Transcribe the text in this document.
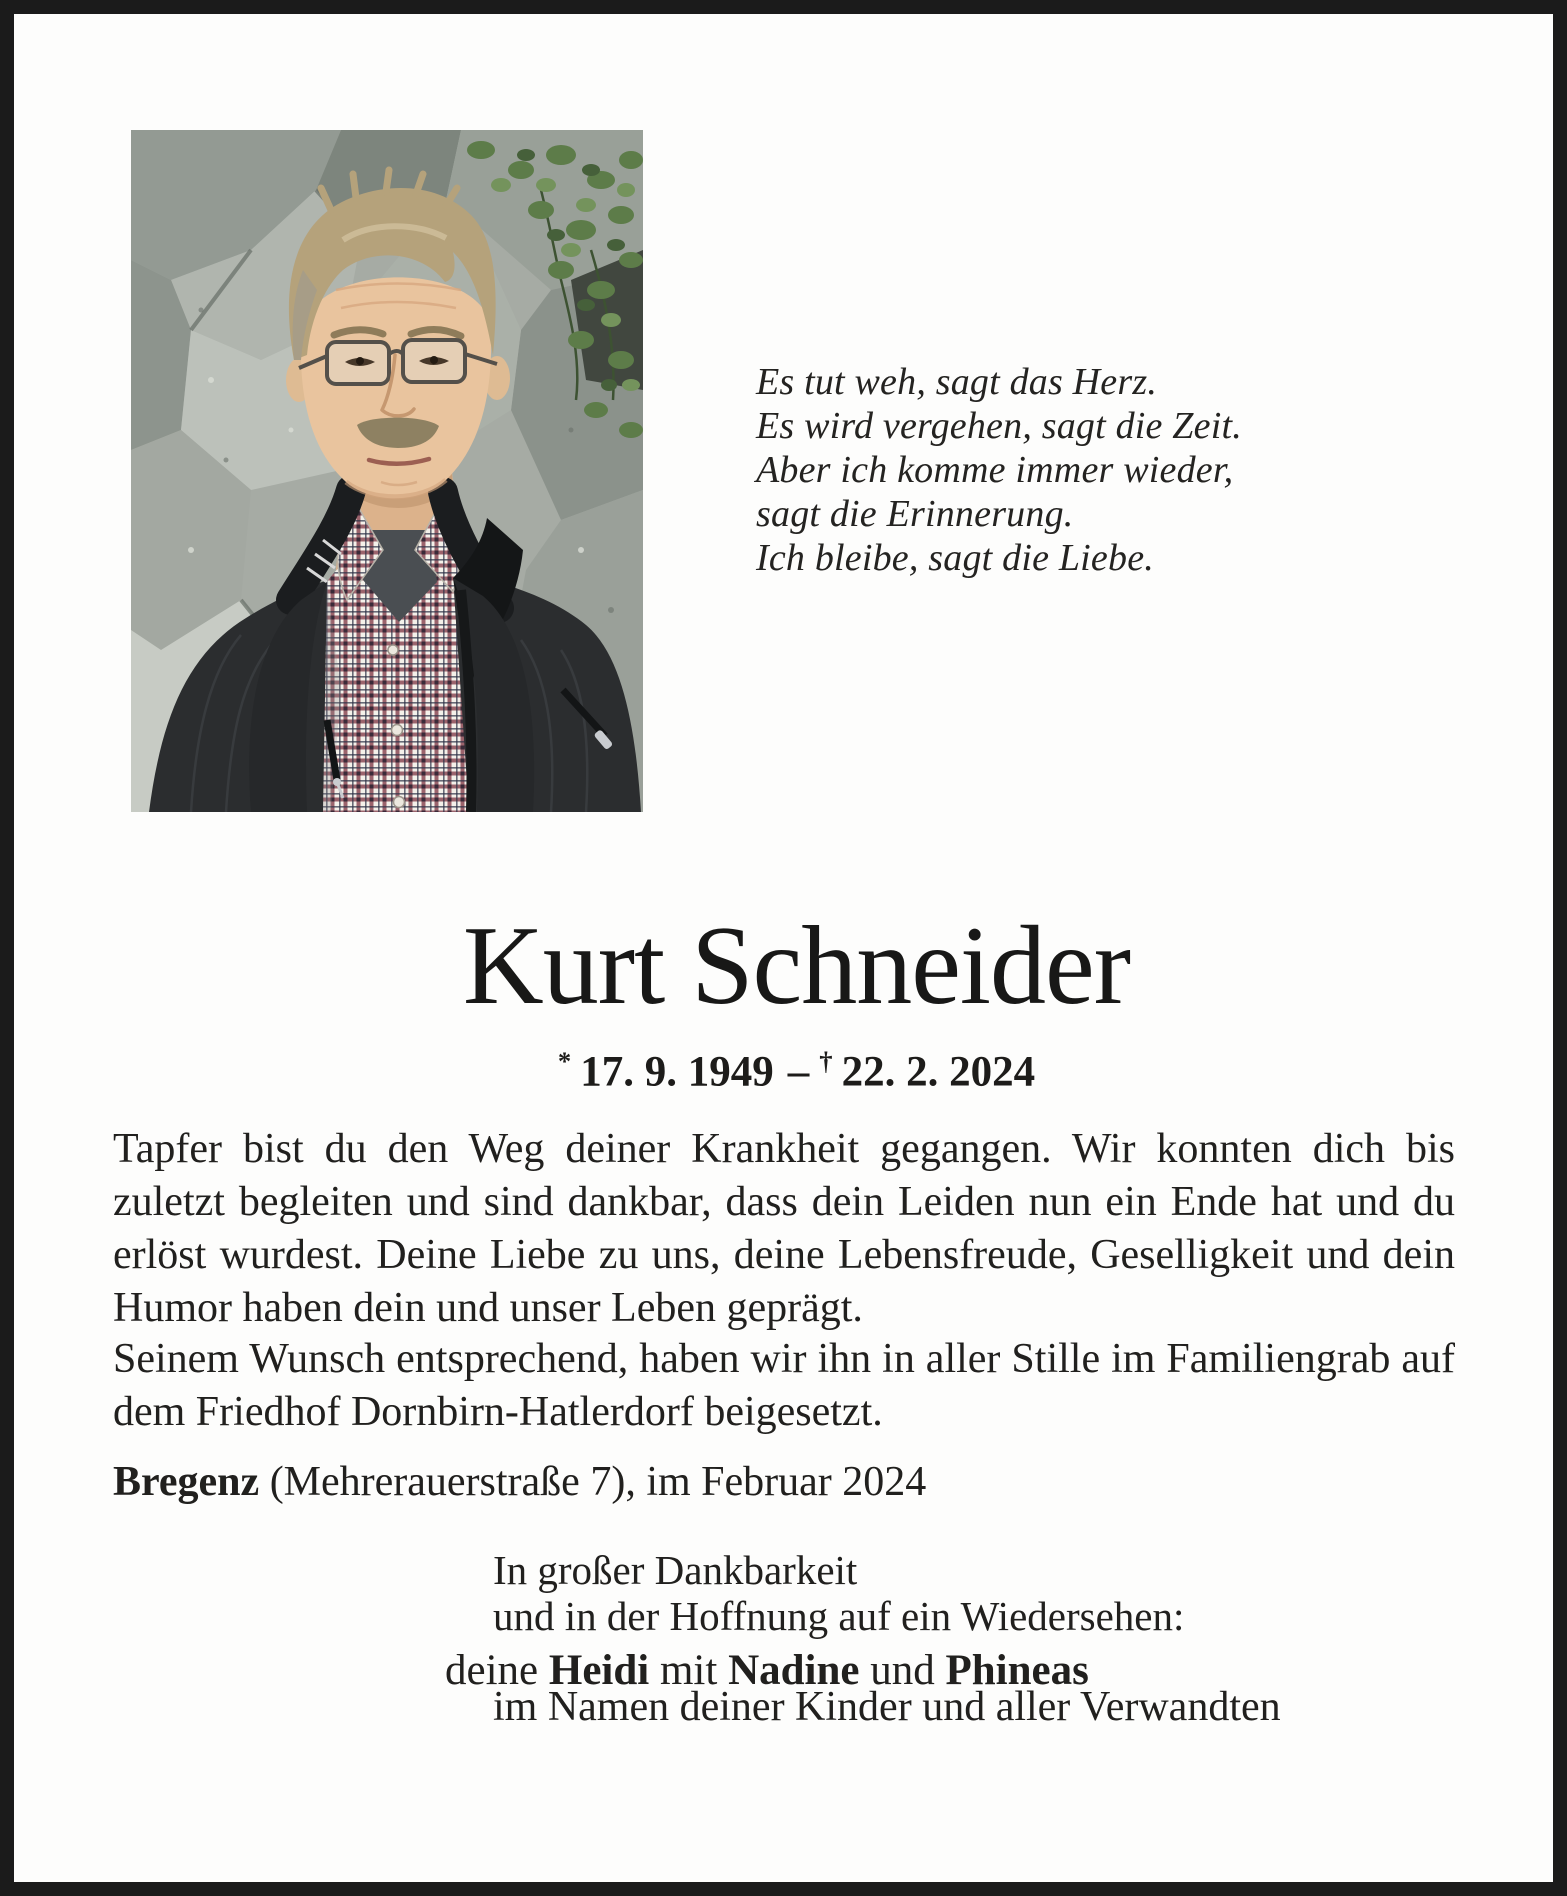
Es tut weh, sagt das Herz.
Es wird vergehen, sagt die Zeit.
Aber ich komme immer wieder,
sagt die Erinnerung.
Ich bleibe, sagt die Liebe.
Kurt Schneider
* 17. 9. 1949 – † 22. 2. 2024

Tapfer bist du den Weg deiner Krankheit gegangen. Wir konnten dich bis zuletzt begleiten und sind dankbar, dass dein Leiden nun ein Ende hat und du erlöst wurdest. Deine Liebe zu uns, deine Lebensfreude, Geselligkeit und dein Humor haben dein und unser Leben geprägt.

Seinem Wunsch entsprechend, haben wir ihn in aller Stille im Familiengrab auf dem Friedhof Dornbirn-Hatlerdorf beigesetzt.

Bregenz (Mehrerauerstraße 7), im Februar 2024

In großer Dankbarkeit
und in der Hoffnung auf ein Wiedersehen:
deine Heidi mit Nadine und Phineas
im Namen deiner Kinder und aller Verwandten
